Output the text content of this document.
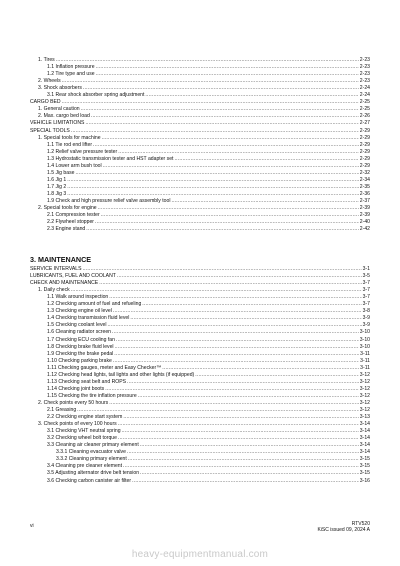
1. Tires .....	2-23
1.1 Inflation pressure .....	2-23
1.2 Tire type and use .....	2-23
2. Wheels .....	2-23
3. Shock absorbers .....	2-24
3.1 Rear shock absorber spring adjustment .....	2-24
CARGO BED .....	2-25
1. General caution .....	2-25
2. Max. cargo bed load .....	2-26
VEHICLE LIMITATIONS .....	2-27
SPECIAL TOOLS .....	2-29
1. Special tools for machine .....	2-29
1.1 Tie rod end lifter .....	2-29
1.2 Relief valve pressure tester .....	2-29
1.3 Hydrostatic transmission tester and HST adapter set .....	2-29
1.4 Lower arm bush tool .....	2-29
1.5 Jig base .....	2-32
1.6 Jig 1 .....	2-34
1.7 Jig 2 .....	2-35
1.8 Jig 3 .....	2-36
1.9 Check and high pressure relief valve assembly tool .....	2-37
2. Special tools for engine .....	2-39
2.1 Compression tester .....	2-39
2.2 Flywheel stopper .....	2-40
2.3 Engine stand .....	2-42
SERVICE INTERVALS .....	3-1
LUBRICANTS, FUEL AND COOLANT .....	3-5
CHECK AND MAINTENANCE .....	3-7
1. Daily check .....	3-7
1.1 Walk around inspection .....	3-7
1.2 Checking amount of fuel and refueling .....	3-7
1.3 Checking engine oil level .....	3-8
1.4 Checking transmission fluid level .....	3-9
1.5 Checking coolant level .....	3-9
1.6 Cleaning radiator screen .....	3-10
1.7 Checking ECU cooling fan .....	3-10
1.8 Checking brake fluid level .....	3-10
1.9 Checking the brake pedal .....	3-11
1.10 Checking parking brake .....	3-11
1.11 Checking gauges, meter and Easy Checker™ .....	3-11
1.12 Checking head lights, tail lights and other lights (if equipped) .....	3-12
1.13 Checking seat belt and ROPS .....	3-12
1.14 Checking joint boots .....	3-12
1.15 Checking the tire inflation pressure .....	3-12
2. Check points every 50 hours .....	3-12
2.1 Greasing .....	3-12
2.2 Checking engine start system .....	3-13
3. Check points of every 100 hours .....	3-14
3.1 Checking VHT neutral spring .....	3-14
3.2 Checking wheel bolt torque .....	3-14
3.3 Cleaning air cleaner primary element .....	3-14
3.3.1 Cleaning evacuator valve .....	3-14
3.3.2 Cleaning primary element .....	3-15
3.4 Cleaning pre cleaner element .....	3-15
3.5 Adjusting alternator drive belt tension .....	3-15
3.6 Checking carbon canister air filter .....	3-16
3. MAINTENANCE
vi	RTV520
KiSC issued 09, 2024 A
heavy-equipmentmanual.com
